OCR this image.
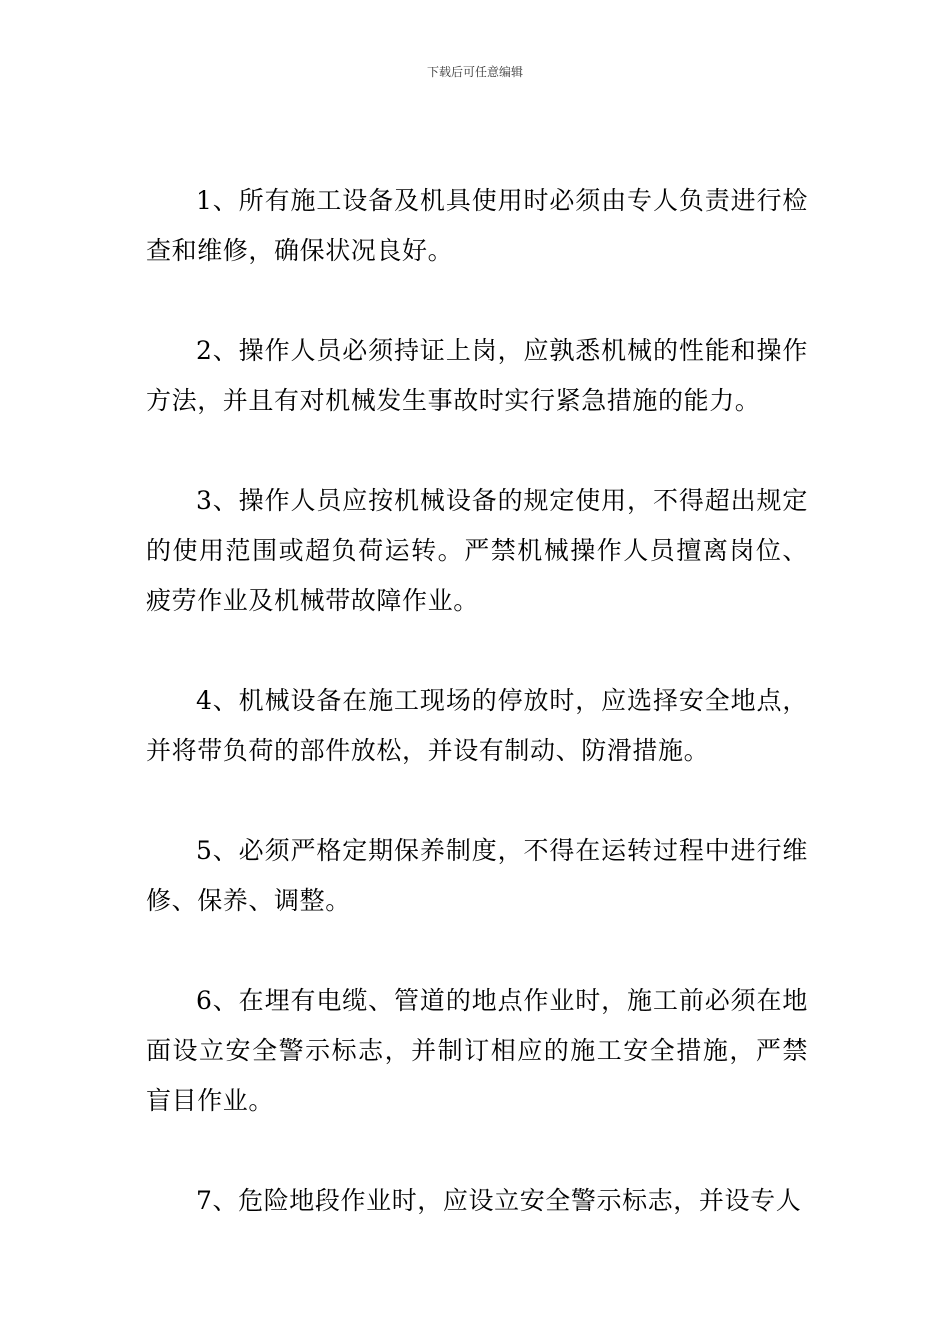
下载后可任意编辑

1、所有施工设备及机具使用时必须由专人负责进行检查和维修，确保状况良好。

2、操作人员必须持证上岗，应孰悉机械的性能和操作方法，并且有对机械发生事故时实行紧急措施的能力。

3、操作人员应按机械设备的规定使用，不得超出规定的使用范围或超负荷运转。严禁机械操作人员擅离岗位、疲劳作业及机械带故障作业。

4、机械设备在施工现场的停放时，应选择安全地点，并将带负荷的部件放松，并设有制动、防滑措施。

5、必须严格定期保养制度，不得在运转过程中进行维修、保养、调整。

6、在埋有电缆、管道的地点作业时，施工前必须在地面设立安全警示标志，并制订相应的施工安全措施，严禁盲目作业。

7、危险地段作业时，应设立安全警示标志，并设专人
